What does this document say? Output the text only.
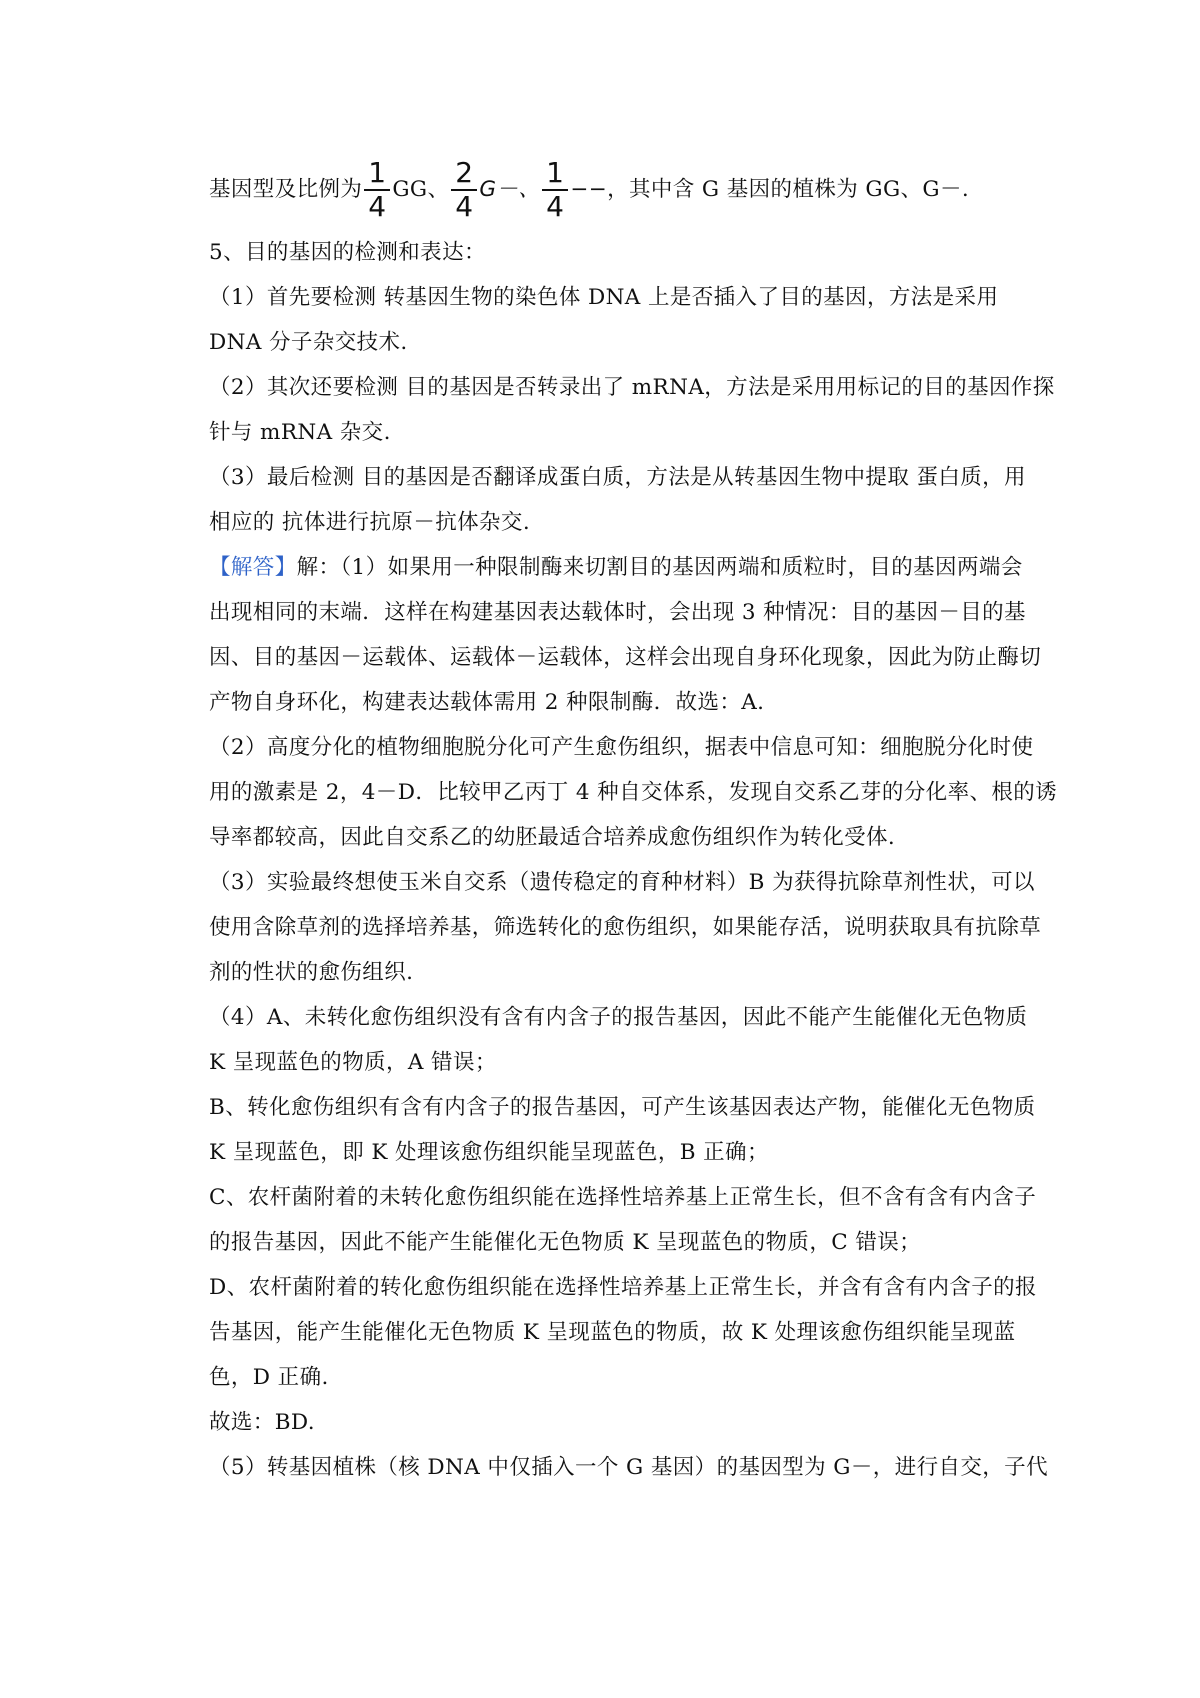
基因型及比例为 $\frac{1}{4}$ GG、 $\frac{2}{4} G-$、 $\frac{1}{4}$ −− ，其中含 G 基因的植株为 GG、G－.
5、目的基因的检测和表达：
（1）首先要检测 转基因生物的染色体 DNA 上是否插入了目的基因，方法是采用
DNA 分子杂交技术.
（2）其次还要检测 目的基因是否转录出了 mRNA，方法是采用用标记的目的基因作探
针与 mRNA 杂交.
（3）最后检测 目的基因是否翻译成蛋白质，方法是从转基因生物中提取 蛋白质，用
相应的 抗体进行抗原－抗体杂交.
【解答】解：（1）如果用一种限制酶来切割目的基因两端和质粒时，目的基因两端会
出现相同的末端．这样在构建基因表达载体时，会出现 3 种情况：目的基因－目的基
因、目的基因－运载体、运载体－运载体，这样会出现自身环化现象，因此为防止酶切
产物自身环化，构建表达载体需用 2 种限制酶．故选：A.
（2）高度分化的植物细胞脱分化可产生愈伤组织，据表中信息可知：细胞脱分化时使
用的激素是 2，4－D．比较甲乙丙丁 4 种自交体系，发现自交系乙芽的分化率、根的诱
导率都较高，因此自交系乙的幼胚最适合培养成愈伤组织作为转化受体.
（3）实验最终想使玉米自交系（遗传稳定的育种材料）B 为获得抗除草剂性状，可以
使用含除草剂的选择培养基，筛选转化的愈伤组织，如果能存活，说明获取具有抗除草
剂的性状的愈伤组织.
（4）A、未转化愈伤组织没有含有内含子的报告基因，因此不能产生能催化无色物质
K 呈现蓝色的物质，A 错误；
B、转化愈伤组织有含有内含子的报告基因，可产生该基因表达产物，能催化无色物质
K 呈现蓝色，即 K 处理该愈伤组织能呈现蓝色，B 正确；
C、农杆菌附着的未转化愈伤组织能在选择性培养基上正常生长，但不含有含有内含子
的报告基因，因此不能产生能催化无色物质 K 呈现蓝色的物质，C 错误；
D、农杆菌附着的转化愈伤组织能在选择性培养基上正常生长，并含有含有内含子的报
告基因，能产生能催化无色物质 K 呈现蓝色的物质，故 K 处理该愈伤组织能呈现蓝
色，D 正确.
故选：BD.
（5）转基因植株（核 DNA 中仅插入一个 G 基因）的基因型为 G－，进行自交，子代
